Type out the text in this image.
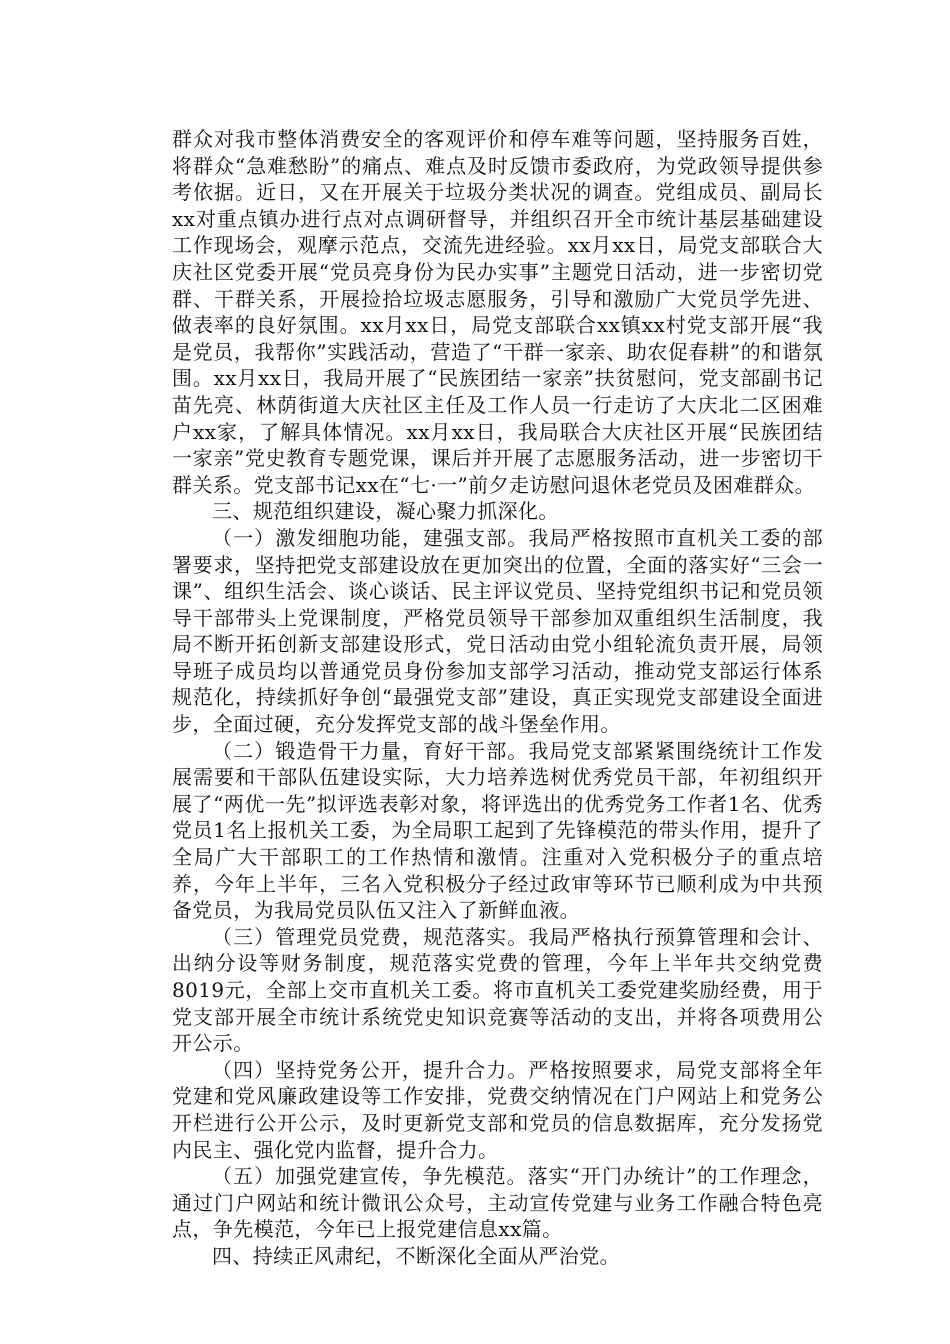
群众对我市整体消费安全的客观评价和停车难等问题，坚持服务百姓，将群众“急难愁盼”的痛点、难点及时反馈市委政府，为党政领导提供参考依据。近日，又在开展关于垃圾分类状况的调查。党组成员、副局长xx对重点镇办进行点对点调研督导，并组织召开全市统计基层基础建设工作现场会，观摩示范点，交流先进经验。xx月xx日，局党支部联合大庆社区党委开展“党员亮身份为民办实事”主题党日活动，进一步密切党群、干群关系，开展捡拾垃圾志愿服务，引导和激励广大党员学先进、做表率的良好氛围。xx月xx日，局党支部联合xx镇xx村党支部开展“我是党员，我帮你”实践活动，营造了“干群一家亲、助农促春耕”的和谐氛围。xx月xx日，我局开展了“民族团结一家亲”扶贫慰问，党支部副书记苗先亮、林荫街道大庆社区主任及工作人员一行走访了大庆北二区困难户xx家，了解具体情况。xx月xx日，我局联合大庆社区开展“民族团结一家亲”党史教育专题党课，课后并开展了志愿服务活动，进一步密切干群关系。党支部书记xx在“七·一”前夕走访慰问退休老党员及困难群众。

三、规范组织建设，凝心聚力抓深化。

（一）激发细胞功能，建强支部。我局严格按照市直机关工委的部署要求，坚持把党支部建设放在更加突出的位置，全面的落实好“三会一课”、组织生活会、谈心谈话、民主评议党员、坚持党组织书记和党员领导干部带头上党课制度，严格党员领导干部参加双重组织生活制度，我局不断开拓创新支部建设形式，党日活动由党小组轮流负责开展，局领导班子成员均以普通党员身份参加支部学习活动，推动党支部运行体系规范化，持续抓好争创“最强党支部”建设，真正实现党支部建设全面进步，全面过硬，充分发挥党支部的战斗堡垒作用。

（二）锻造骨干力量，育好干部。我局党支部紧紧围绕统计工作发展需要和干部队伍建设实际，大力培养选树优秀党员干部，年初组织开展了“两优一先”拟评选表彰对象，将评选出的优秀党务工作者1名、优秀党员1名上报机关工委，为全局职工起到了先锋模范的带头作用，提升了全局广大干部职工的工作热情和激情。注重对入党积极分子的重点培养，今年上半年，三名入党积极分子经过政审等环节已顺利成为中共预备党员，为我局党员队伍又注入了新鲜血液。

（三）管理党员党费，规范落实。我局严格执行预算管理和会计、出纳分设等财务制度，规范落实党费的管理，今年上半年共交纳党费8019元，全部上交市直机关工委。将市直机关工委党建奖励经费，用于党支部开展全市统计系统党史知识竞赛等活动的支出，并将各项费用公开公示。

（四）坚持党务公开，提升合力。严格按照要求，局党支部将全年党建和党风廉政建设等工作安排，党费交纳情况在门户网站上和党务公开栏进行公开公示，及时更新党支部和党员的信息数据库，充分发扬党内民主、强化党内监督，提升合力。

（五）加强党建宣传，争先模范。落实“开门办统计”的工作理念，通过门户网站和统计微讯公众号，主动宣传党建与业务工作融合特色亮点，争先模范，今年已上报党建信息xx篇。

四、持续正风肃纪，不断深化全面从严治党。
